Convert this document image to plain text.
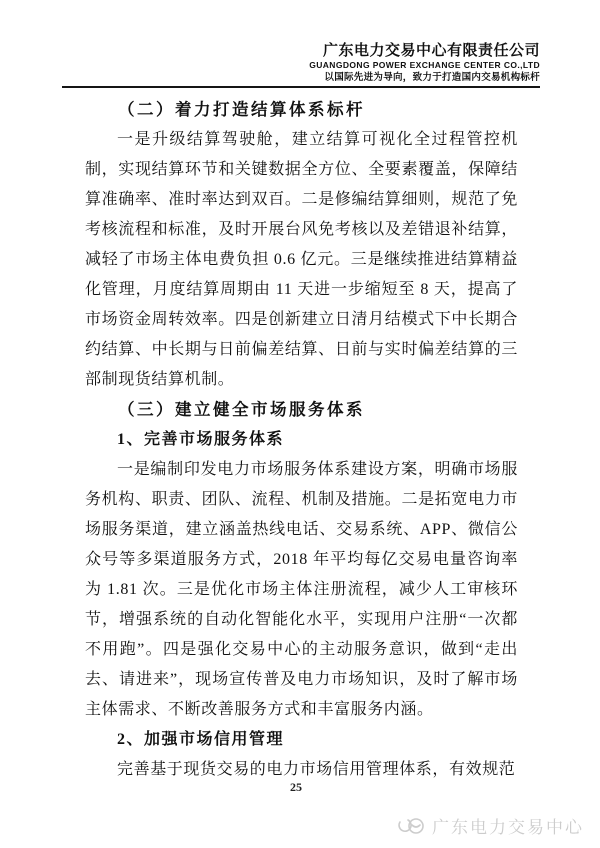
广东电力交易中心有限责任公司
GUANGDONG POWER EXCHANGE CENTER CO.,LTD
以国际先进为导向，致力于打造国内交易机构标杆
（二）着力打造结算体系标杆

一是升级结算驾驶舱，建立结算可视化全过程管控机制，实现结算环节和关键数据全方位、全要素覆盖，保障结算准确率、准时率达到双百。二是修编结算细则，规范了免考核流程和标准，及时开展台风免考核以及差错退补结算，减轻了市场主体电费负担 0.6 亿元。三是继续推进结算精益化管理，月度结算周期由 11 天进一步缩短至 8 天，提高了市场资金周转效率。四是创新建立日清月结模式下中长期合约结算、中长期与日前偏差结算、日前与实时偏差结算的三部制现货结算机制。

（三）建立健全市场服务体系
1、完善市场服务体系

一是编制印发电力市场服务体系建设方案，明确市场服务机构、职责、团队、流程、机制及措施。二是拓宽电力市场服务渠道，建立涵盖热线电话、交易系统、APP、微信公众号等多渠道服务方式，2018 年平均每亿交易电量咨询率为 1.81 次。三是优化市场主体注册流程，减少人工审核环节，增强系统的自动化智能化水平，实现用户注册“一次都不用跑”。四是强化交易中心的主动服务意识，做到“走出去、请进来”，现场宣传普及电力市场知识，及时了解市场主体需求、不断改善服务方式和丰富服务内涵。

2、加强市场信用管理

完善基于现货交易的电力市场信用管理体系，有效规范

25
广东电力交易中心
